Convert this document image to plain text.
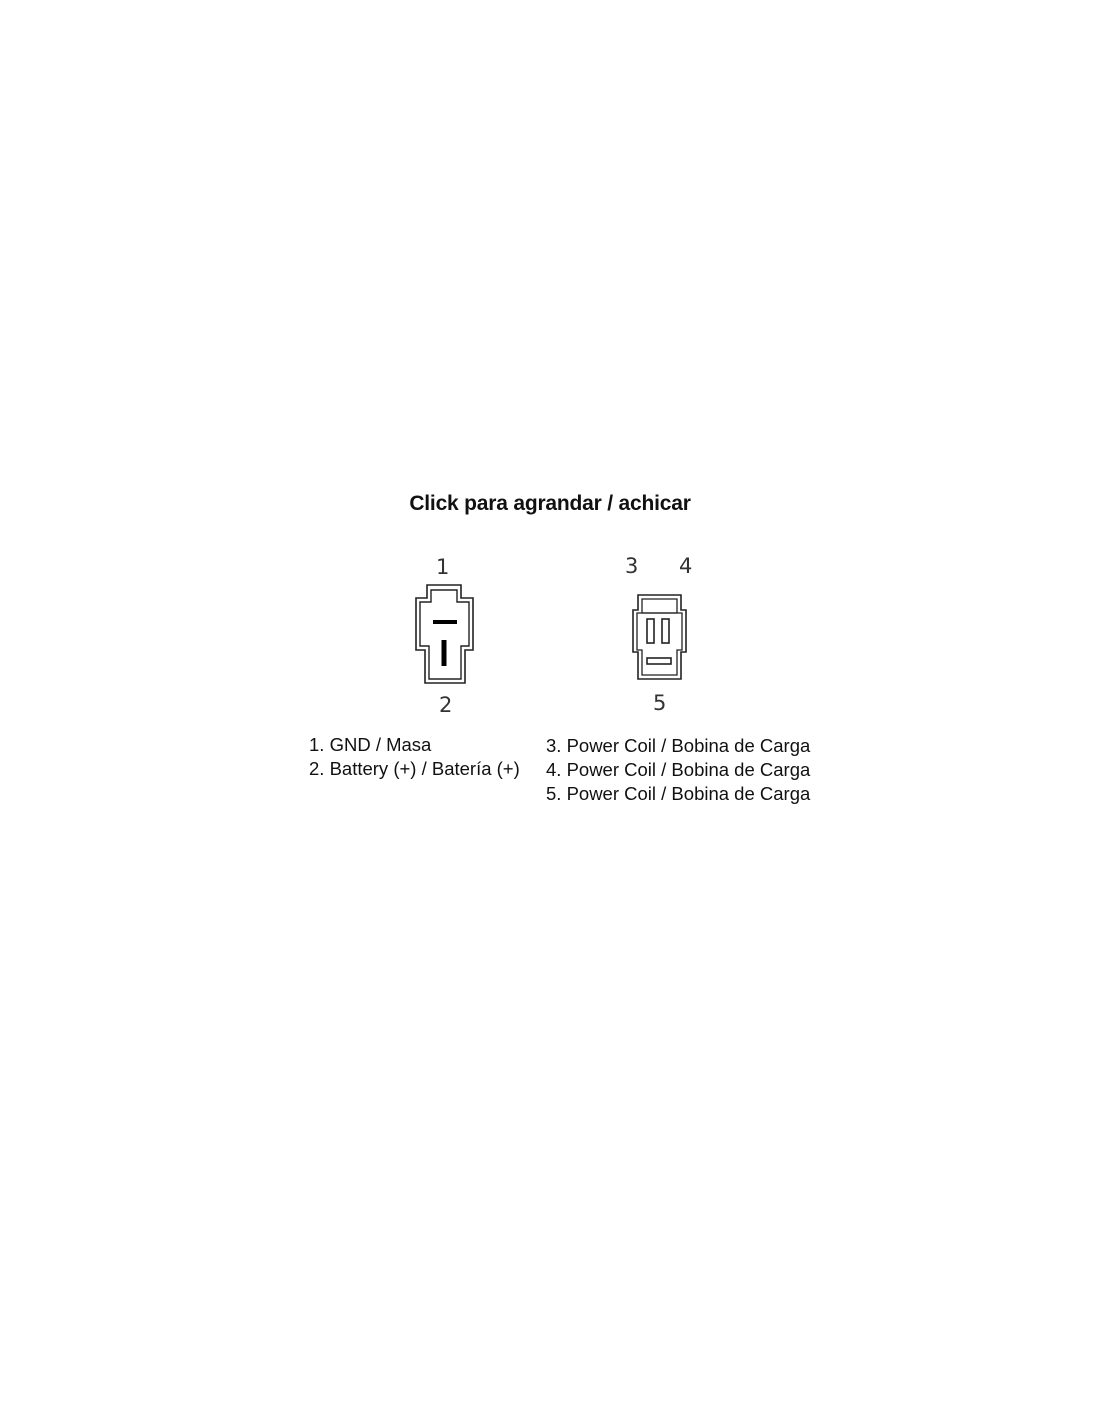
Click para agrandar / achicar
1
2
3 4
5
1. GND / Masa
2. Battery (+) / Batería (+)
3. Power Coil / Bobina de Carga
4. Power Coil / Bobina de Carga
5. Power Coil / Bobina de Carga
